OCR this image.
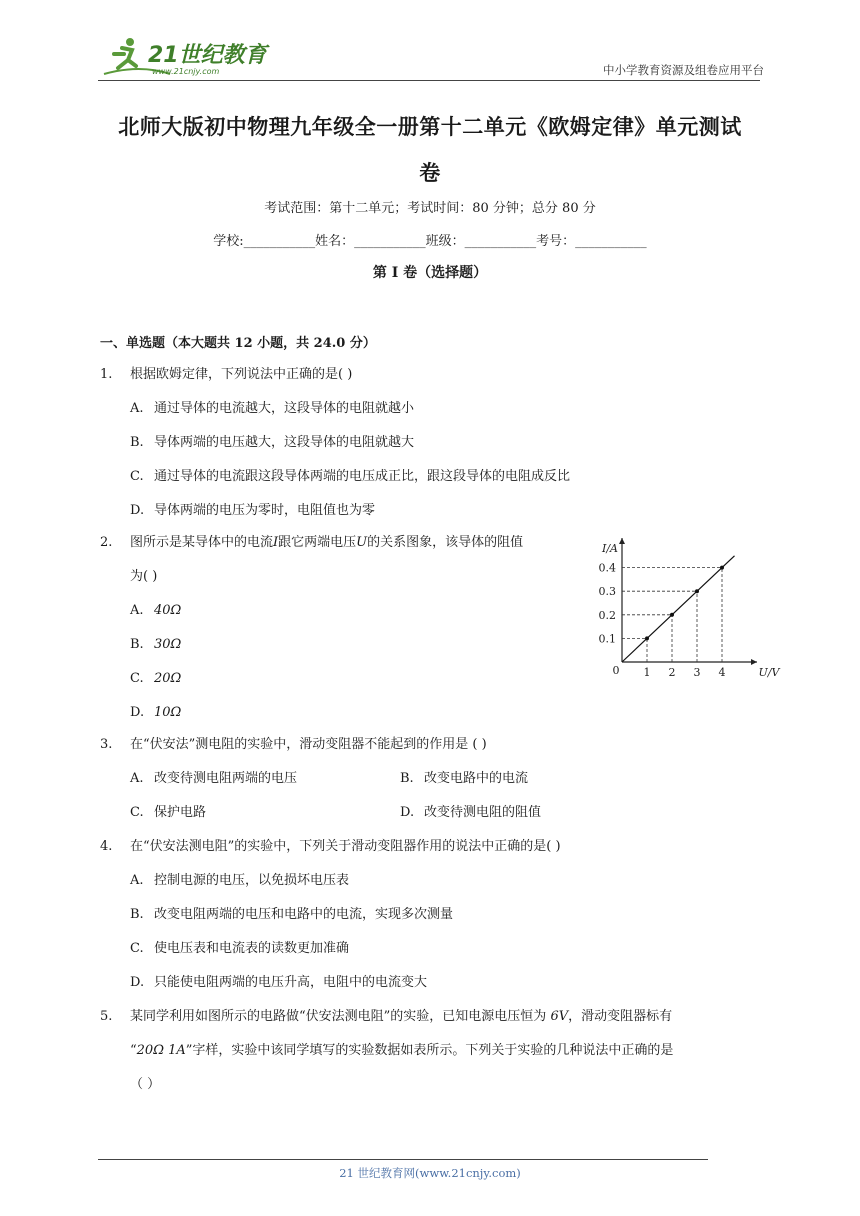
21世纪教育
www.21cnjy.com	中小学教育资源及组卷应用平台
北师大版初中物理九年级全一册第十二单元《欧姆定律》单元测试
卷
考试范围：第十二单元；考试时间：80 分钟；总分 80 分
学校:___________姓名：___________班级：___________考号：___________
第 I 卷（选择题）
一、单选题（本大题共 12 小题，共 24.0 分）
1. 根据欧姆定律，下列说法中正确的是( )
A. 通过导体的电流越大，这段导体的电阻就越小
B. 导体两端的电压越大，这段导体的电阻就越大
C. 通过导体的电流跟这段导体两端的电压成正比，跟这段导体的电阻成反比
D. 导体两端的电压为零时，电阻值也为零
2. 图所示是某导体中的电流I跟它两端电压U的关系图象，该导体的阻值
为( )
A. 40Ω
B. 30Ω
C. 20Ω
D. 10Ω
I/A
U/V
0 1 2 3 4
0.1
0.2
0.3
0.4
3. 在“伏安法”测电阻的实验中，滑动变阻器不能起到的作用是 ( )
A. 改变待测电阻两端的电压	B. 改变电路中的电流
C. 保护电路	D. 改变待测电阻的阻值
4. 在“伏安法测电阻”的实验中，下列关于滑动变阻器作用的说法中正确的是( )
A. 控制电源的电压，以免损坏电压表
B. 改变电阻两端的电压和电路中的电流，实现多次测量
C. 使电压表和电流表的读数更加准确
D. 只能使电阻两端的电压升高，电阻中的电流变大
5. 某同学利用如图所示的电路做“伏安法测电阻”的实验，已知电源电压恒为 6V，滑动变阻器标有
“20Ω 1A”字样，实验中该同学填写的实验数据如表所示。下列关于实验的几种说法中正确的是
（ ）
21 世纪教育网(www.21cnjy.com)
